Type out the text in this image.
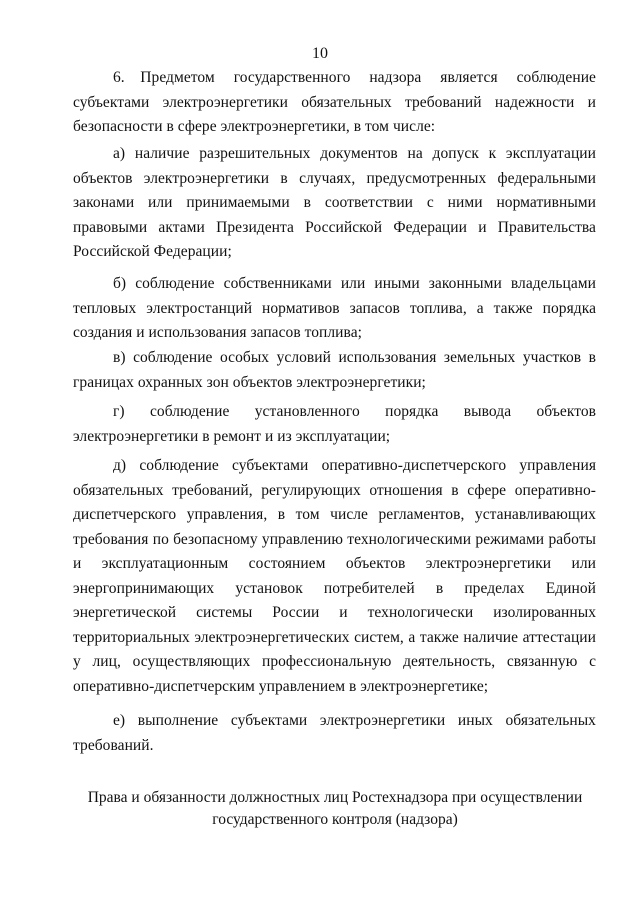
10
6. Предметом государственного надзора является соблюдение субъектами электроэнергетики обязательных требований надежности и безопасности в сфере электроэнергетики, в том числе:
а) наличие разрешительных документов на допуск к эксплуатации объектов электроэнергетики в случаях, предусмотренных федеральными законами или принимаемыми в соответствии с ними нормативными правовыми актами Президента Российской Федерации и Правительства Российской Федерации;
б) соблюдение собственниками или иными законными владельцами тепловых электростанций нормативов запасов топлива, а также порядка создания и использования запасов топлива;
в) соблюдение особых условий использования земельных участков в границах охранных зон объектов электроэнергетики;
г) соблюдение установленного порядка вывода объектов электроэнергетики в ремонт и из эксплуатации;
д) соблюдение субъектами оперативно-диспетчерского управления обязательных требований, регулирующих отношения в сфере оперативно-диспетчерского управления, в том числе регламентов, устанавливающих требования по безопасному управлению технологическими режимами работы и эксплуатационным состоянием объектов электроэнергетики или энергопринимающих установок потребителей в пределах Единой энергетической системы России и технологически изолированных территориальных электроэнергетических систем, а также наличие аттестации у лиц, осуществляющих профессиональную деятельность, связанную с оперативно-диспетчерским управлением в электроэнергетике;
е) выполнение субъектами электроэнергетики иных обязательных требований.
Права и обязанности должностных лиц Ростехнадзора при осуществлении государственного контроля (надзора)
